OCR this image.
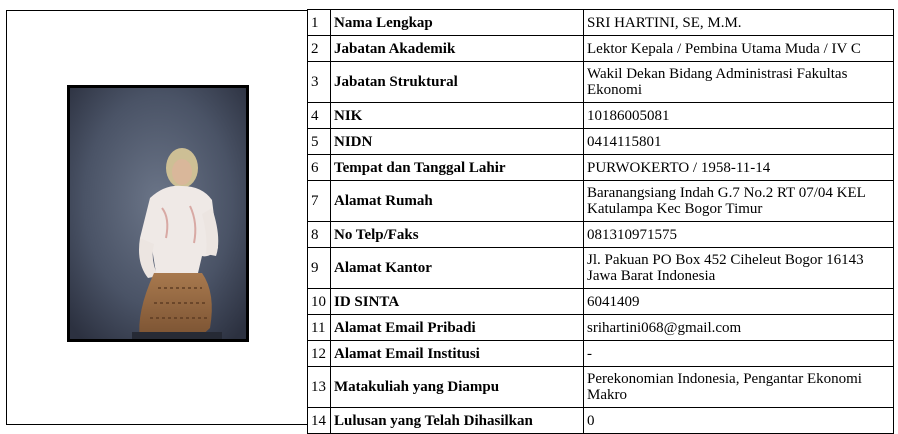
1	Nama Lengkap	SRI HARTINI, SE, M.M.
2	Jabatan Akademik	Lektor Kepala / Pembina Utama Muda / IV C
3	Jabatan Struktural	Wakil Dekan Bidang Administrasi Fakultas Ekonomi
4	NIK	10186005081
5	NIDN	0414115801
6	Tempat dan Tanggal Lahir	PURWOKERTO / 1958-11-14
7	Alamat Rumah	Baranangsiang Indah G.7 No.2 RT 07/04 KEL Katulampa Kec Bogor Timur
8	No Telp/Faks	081310971575
9	Alamat Kantor	Jl. Pakuan PO Box 452 Ciheleut Bogor 16143 Jawa Barat Indonesia
10	ID SINTA	6041409
11	Alamat Email Pribadi	srihartini068@gmail.com
12	Alamat Email Institusi	-
13	Matakuliah yang Diampu	Perekonomian Indonesia, Pengantar Ekonomi Makro
14	Lulusan yang Telah Dihasilkan	0
